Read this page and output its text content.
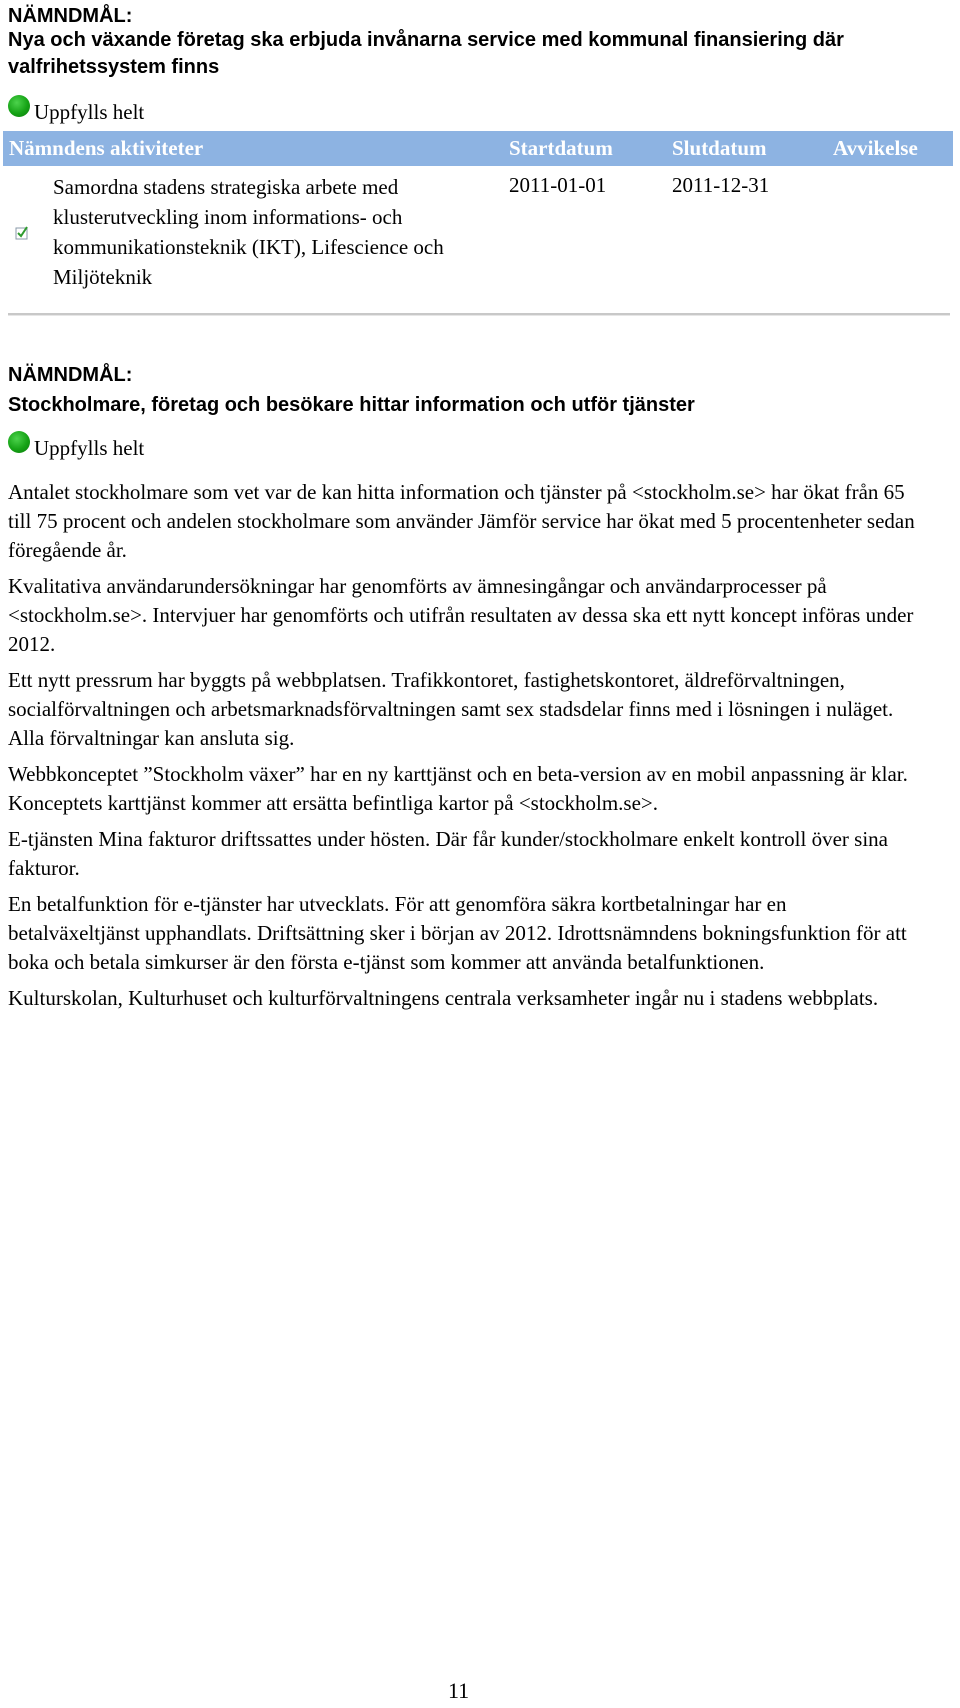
NÄMNDMÅL:
Nya och växande företag ska erbjuda invånarna service med kommunal finansiering där valfrihetssystem finns
Uppfylls helt
Nämndens aktiviteter	Startdatum	Slutdatum	Avvikelse

Samordna stadens strategiska arbete med klusterutveckling inom informations- och kommunikationsteknik (IKT), Lifescience och Miljöteknik	2011-01-01	2011-12-31	
NÄMNDMÅL:
Stockholmare, företag och besökare hittar information och utför tjänster
Uppfylls helt

Antalet stockholmare som vet var de kan hitta information och tjänster på <stockholm.se> har ökat från 65 till 75 procent och andelen stockholmare som använder Jämför service har ökat med 5 procentenheter sedan föregående år.

Kvalitativa användarundersökningar har genomförts av ämnesingångar och användarprocesser på <stockholm.se>. Intervjuer har genomförts och utifrån resultaten av dessa ska ett nytt koncept införas under 2012.

Ett nytt pressrum har byggts på webbplatsen. Trafikkontoret, fastighetskontoret, äldreförvaltningen, socialförvaltningen och arbetsmarknadsförvaltningen samt sex stadsdelar finns med i lösningen i nuläget. Alla förvaltningar kan ansluta sig.

Webbkonceptet ”Stockholm växer” har en ny karttjänst och en beta-version av en mobil anpassning är klar. Konceptets karttjänst kommer att ersätta befintliga kartor på <stockholm.se>.

E-tjänsten Mina fakturor driftssattes under hösten. Där får kunder/stockholmare enkelt kontroll över sina fakturor.

En betalfunktion för e-tjänster har utvecklats. För att genomföra säkra kortbetalningar har en betalväxeltjänst upphandlats. Driftsättning sker i början av 2012. Idrottsnämndens bokningsfunktion för att boka och betala simkurser är den första e-tjänst som kommer att använda betalfunktionen.

Kulturskolan, Kulturhuset och kulturförvaltningens centrala verksamheter ingår nu i stadens webbplats.

11
